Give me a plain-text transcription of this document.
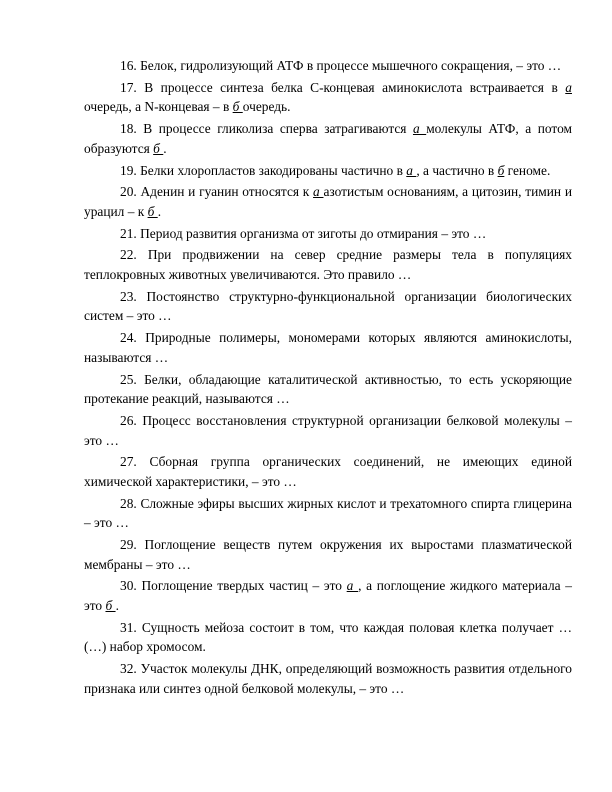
16. Белок, гидролизующий АТФ в процессе мышечного сокращения, – это …

17. В процессе синтеза белка С-концевая аминокислота встраивается в а очередь, а N-концевая – в б очередь.

18. В процессе гликолиза сперва затрагиваются а молекулы АТФ, а потом образуются б .

19. Белки хлоропластов закодированы частично в а , а частично в б геноме.

20. Аденин и гуанин относятся к а азотистым основаниям, а цитозин, тимин и урацил – к б .

21. Период развития организма от зиготы до отмирания – это …

22. При продвижении на север средние размеры тела в популяциях теплокровных животных увеличиваются. Это правило …

23. Постоянство структурно-функциональной организации биологических систем – это …

24. Природные полимеры, мономерами которых являются аминокислоты, называются …

25. Белки, обладающие каталитической активностью, то есть ускоряющие протекание реакций, называются …

26. Процесс восстановления структурной организации белковой молекулы – это …

27. Сборная группа органических соединений, не имеющих единой химической характеристики, – это …

28. Сложные эфиры высших жирных кислот и трехатомного спирта глицерина – это …

29. Поглощение веществ путем окружения их выростами плазматической мембраны – это …

30. Поглощение твердых частиц – это а , а поглощение жидкого материала – это б .

31. Сущность мейоза состоит в том, что каждая половая клетка получает … (…) набор хромосом.

32. Участок молекулы ДНК, определяющий возможность развития отдельного признака или синтез одной белковой молекулы, – это …
